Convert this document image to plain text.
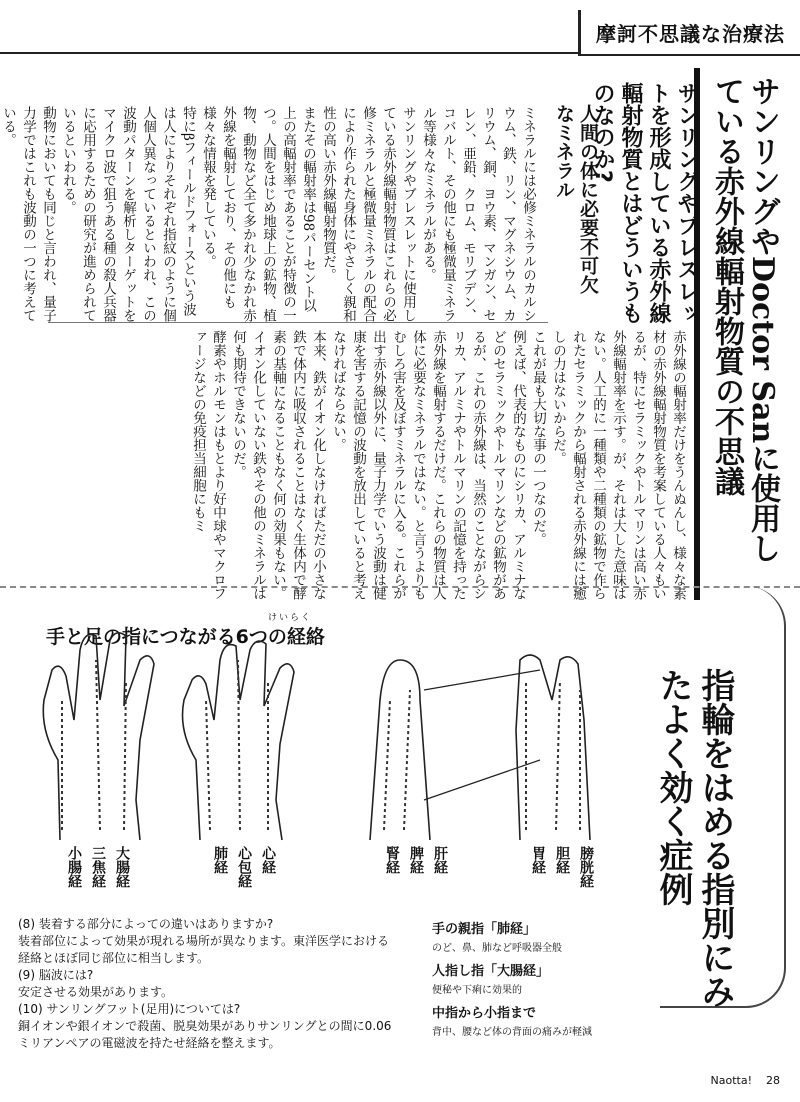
摩訶不思議な治療法
サンリングやDoctor Sanに使用している赤外線輻射物質の不思議
サンリングやブレスレットを形成している赤外線輻射物質とはどういうものなのか?
人間の体に必要不可欠なミネラル
ミネラルには必修ミネラルのカルシウム、鉄、リン、マグネシウム、カリウム、銅、ヨウ素、マンガン、セレン、亜鉛、クロム、モリブデン、コバルト、その他にも極微量ミネラル等様々なミネラルがある。
サンリングやブレスレットに使用している赤外線輻射物質はこれらの必修ミネラルと極微量ミネラルの配合により作られた身体にやさしく親和性の高い赤外線輻射物質だ。
またその輻射率は98パーセント以上の高輻射率であることが特徴の一つ。人間をはじめ地球上の鉱物、植物、動物など全て多かれ少なかれ赤外線を輻射しており、その他にも様々な情報を発している。
特にβフィールドフォースという波は人によりそれぞれ指紋のように個人個人異なっているといわれ、この波動パターンを解析しターゲットをマイクロ波で狙うある種の殺人兵器に応用するための研究が進められているといわれる。
動物においても同じと言われ、量子力学ではこれも波動の一つに考えている。
赤外線の輻射率だけをうんぬんし、様々な素材の赤外線輻射物質を考案している人々もいるが、特にセラミックやトルマリンは高い赤外線輻射率を示す。が、それは大した意味はない。人工的に一種類や二種類の鉱物で作られたセラミックから輻射される赤外線には癒しの力はないからだ。
これが最も大切な事の一つなのだ。
例えば、代表的なものにシリカ、アルミナなどのセラミックやトルマリンなどの鉱物があるが、これの赤外線は、当然のことながらシリカ、アルミナやトルマリンの記憶を持った赤外線を輻射するだけだ。これらの物質は人体に必要なミネラルではない。と言うよりもむしろ害を及ぼすミネラルに入る。これらが出す赤外線以外に、量子力学でいう波動は健康を害する記憶の波動を放出していると考えなければならない。
本来、鉄がイオン化しなければただの小さな鉄で体内に吸収されることはなく生体内で酵素の基軸になることもなく何の効果もない。イオン化していない鉄やその他のミネラルは何も期待できないのだ。
酵素やホルモンはもとより好中球やマクロファージなどの免疫担当細胞にもミ
けいらく
手と足の指につながる6つの経絡
小腸経 三焦経 大腸経	肺経 心包経 心経	腎経 脾経 肝経	胃経 胆経 膀胱経	指輪をはめる指別にみたよく効く症例
(8) 装着する部分によっての違いはありますか?
装着部位によって効果が現れる場所が異なります。東洋医学における経絡とほぼ同じ部位に相当します。
(9) 脳波には?
安定させる効果があります。
(10) サンリングフット(足用)については?
銅イオンや銀イオンで殺菌、脱臭効果がありサンリングとの間に0.06ミリアンペアの電磁波を持たせ経絡を整えます。
手の親指「肺経」
のど、鼻、肺など呼吸器全般
人指し指「大腸経」
便秘や下痢に効果的
中指から小指まで
背中、腰など体の背面の痛みが軽減
Naotta! 28
